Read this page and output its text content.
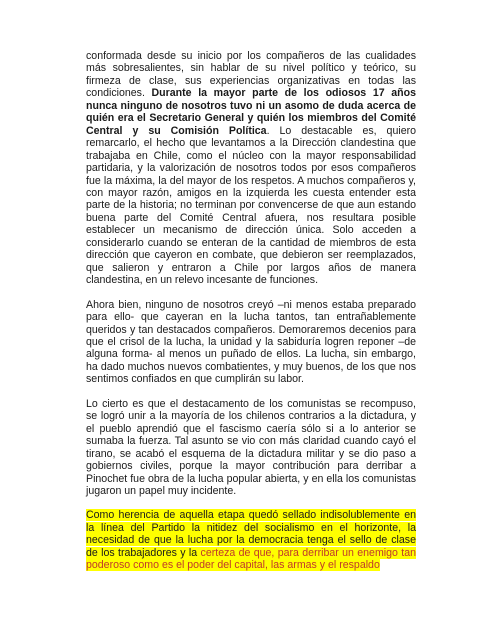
conformada desde su inicio por los compañeros de las cualidades más sobresalientes, sin hablar de su nivel político y teórico, su firmeza de clase, sus experiencias organizativas en todas las condiciones. Durante la mayor parte de los odiosos 17 años nunca ninguno de nosotros tuvo ni un asomo de duda acerca de quién era el Secretario General y quién los miembros del Comité Central y su Comisión Política. Lo destacable es, quiero remarcarlo, el hecho que levantamos a la Dirección clandestina que trabajaba en Chile, como el núcleo con la mayor responsabilidad partidaria, y la valorización de nosotros todos por esos compañeros fue la máxima, la del mayor de los respetos. A muchos compañeros y, con mayor razón, amigos en la izquierda les cuesta entender esta parte de la historia; no terminan por convencerse de que aun estando buena parte del Comité Central afuera, nos resultara posible establecer un mecanismo de dirección única. Solo acceden a considerarlo cuando se enteran de la cantidad de miembros de esta dirección que cayeron en combate, que debieron ser reemplazados, que salieron y entraron a Chile por largos años de manera clandestina, en un relevo incesante de funciones.

Ahora bien, ninguno de nosotros creyó –ni menos estaba preparado para ello- que cayeran en la lucha tantos, tan entrañablemente queridos y tan destacados compañeros. Demoraremos decenios para que el crisol de la lucha, la unidad y la sabiduría logren reponer –de alguna forma- al menos un puñado de ellos. La lucha, sin embargo, ha dado muchos nuevos combatientes, y muy buenos, de los que nos sentimos confiados en que cumplirán su labor.

Lo cierto es que el destacamento de los comunistas se recompuso, se logró unir a la mayoría de los chilenos contrarios a la dictadura, y el pueblo aprendió que el fascismo caería sólo si a lo anterior se sumaba la fuerza. Tal asunto se vio con más claridad cuando cayó el tirano, se acabó el esquema de la dictadura militar y se dio paso a gobiernos civiles, porque la mayor contribución para derribar a Pinochet fue obra de la lucha popular abierta, y en ella los comunistas jugaron un papel muy incidente.

Como herencia de aquella etapa quedó sellado indisolublemente en la línea del Partido la nitidez del socialismo en el horizonte, la necesidad de que la lucha por la democracia tenga el sello de clase de los trabajadores y la certeza de que, para derribar un enemigo tan poderoso como es el poder del capital, las armas y el respaldo
